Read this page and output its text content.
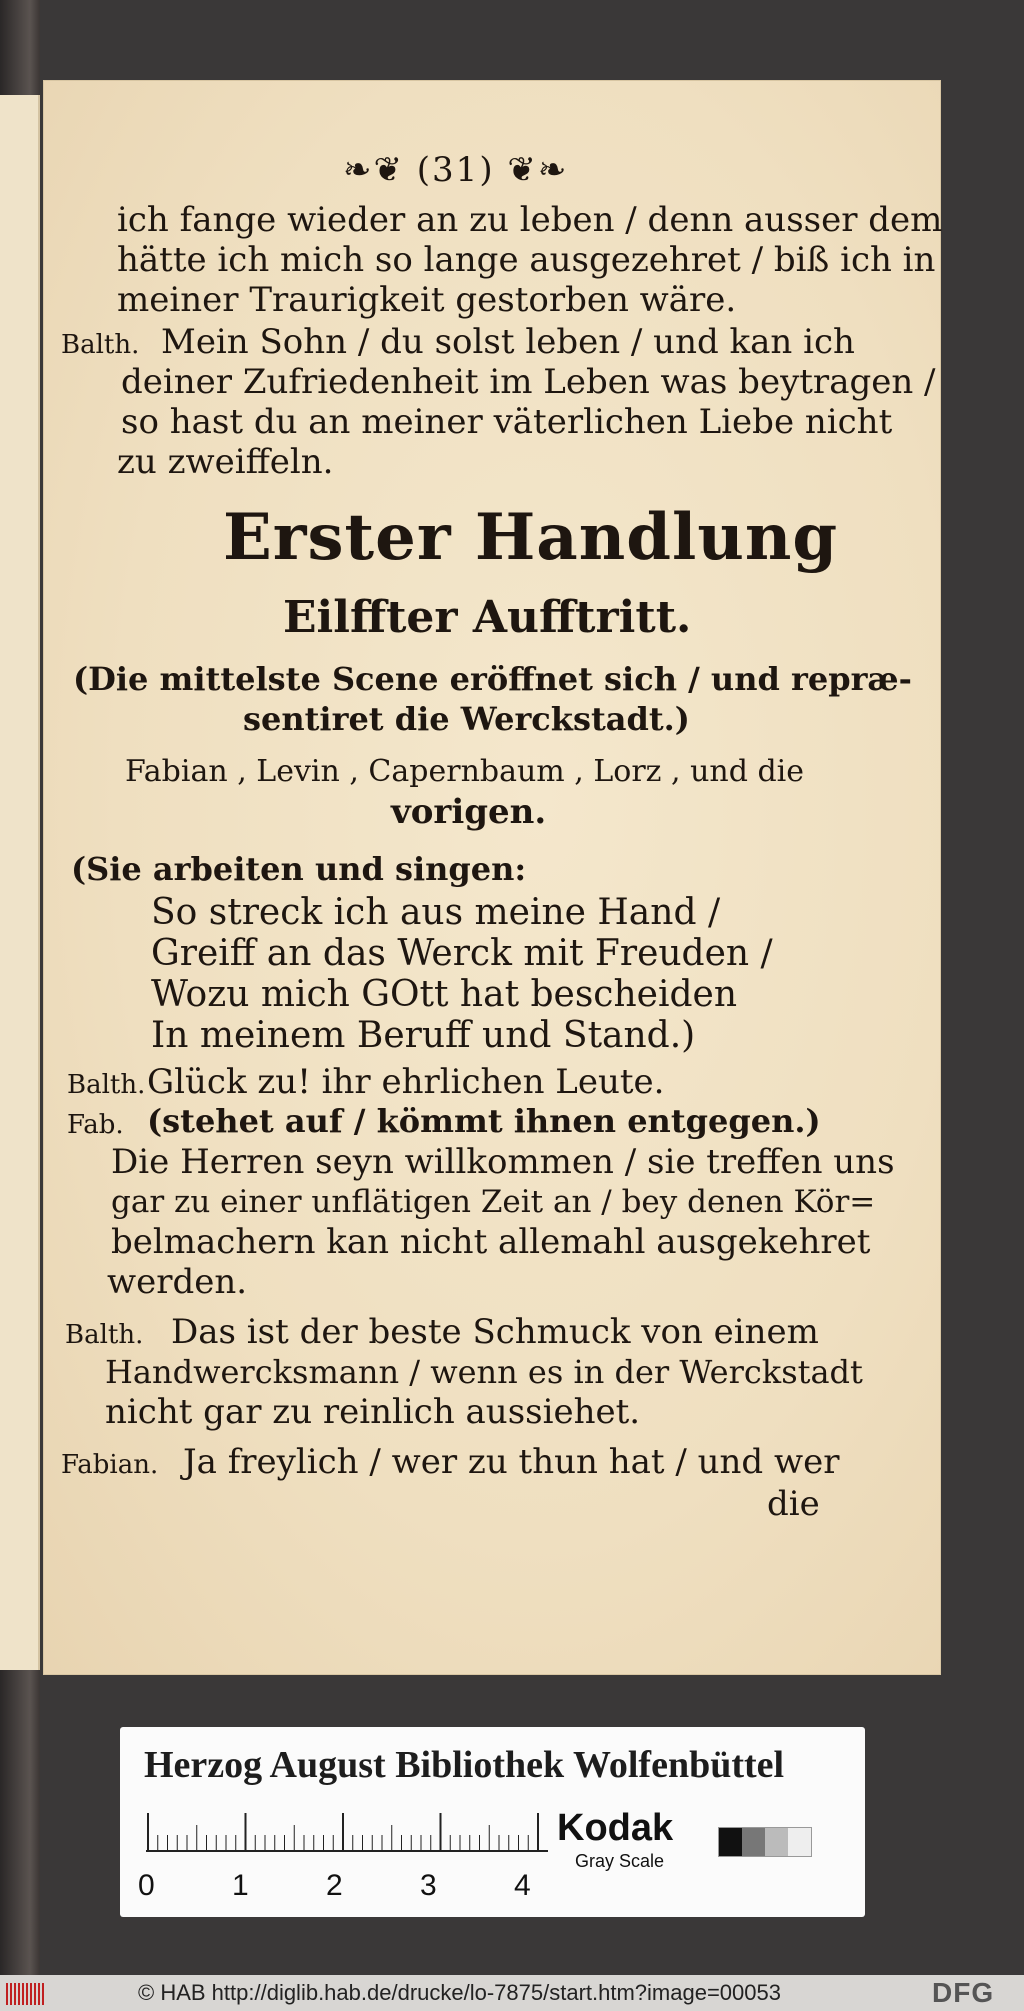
❧❦ (31) ❦❧
ich fange wieder an zu leben / denn ausser dem
hätte ich mich so lange ausgezehret / biß ich in
meiner Traurigkeit gestorben wäre.
Balth. Mein Sohn / du solst leben / und kan ich
deiner Zufriedenheit im Leben was beytragen /
so hast du an meiner väterlichen Liebe nicht
zu zweiffeln.
Erster Handlung
Eilffter Aufftritt.
(Die mittelste Scene eröffnet sich / und repræ-
sentiret die Werckstadt.)
Fabian , Levin , Capernbaum , Lorz , und die
vorigen.
(Sie arbeiten und singen:
So streck ich aus meine Hand /
Greiff an das Werck mit Freuden /
Wozu mich GOtt hat bescheiden
In meinem Beruff und Stand.)
Balth. Glück zu! ihr ehrlichen Leute.
Fab. (stehet auf / kömmt ihnen entgegen.)
Die Herren seyn willkommen / sie treffen uns
gar zu einer unflätigen Zeit an / bey denen Kör=
belmachern kan nicht allemahl ausgekehret
werden.
Balth. Das ist der beste Schmuck von einem
Handwercksmann / wenn es in der Werckstadt
nicht gar zu reinlich aussiehet.
Fabian. Ja freylich / wer zu thun hat / und wer
die
Herzog August Bibliothek Wolfenbüttel
0	1	2	3	4
Kodak
Gray Scale
© HAB http://diglib.hab.de/drucke/lo-7875/start.htm?image=00053	DFG
